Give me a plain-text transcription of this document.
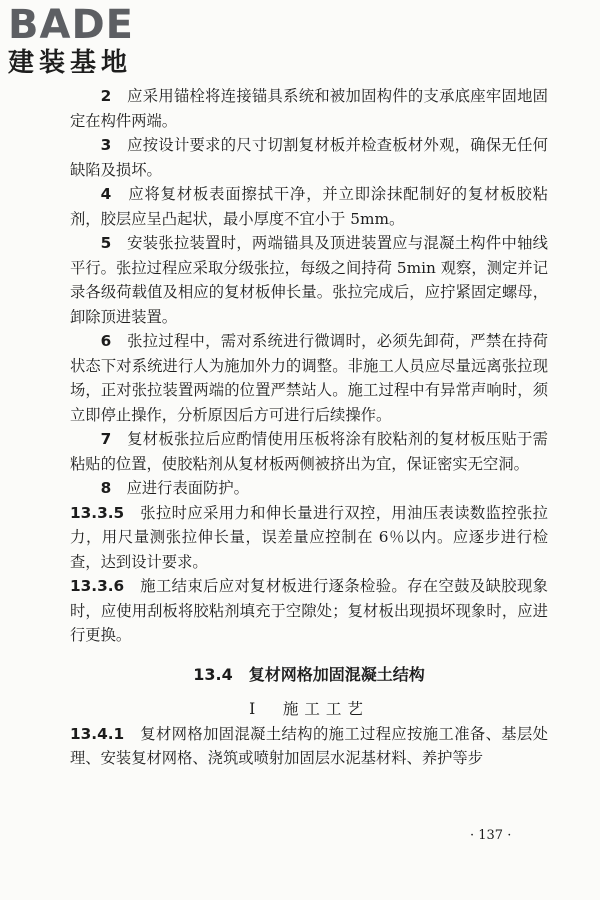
BADE
建装基地

2　 应采用锚栓将连接锚具系统和被加固构件的支承底座牢固地固定在构件两端。

3　 应按设计要求的尺寸切割复材板并检查板材外观，确保无任何缺陷及损坏。

4　 应将复材板表面擦拭干净，并立即涂抹配制好的复材板胶粘剂，胶层应呈凸起状，最小厚度不宜小于 5mm。

5　 安装张拉装置时，两端锚具及顶进装置应与混凝土构件中轴线平行。张拉过程应采取分级张拉，每级之间持荷 5min 观察，测定并记录各级荷载值及相应的复材板伸长量。张拉完成后，应拧紧固定螺母，卸除顶进装置。

6　 张拉过程中，需对系统进行微调时，必须先卸荷，严禁在持荷状态下对系统进行人为施加外力的调整。非施工人员应尽量远离张拉现场，正对张拉装置两端的位置严禁站人。施工过程中有异常声响时，须立即停止操作，分析原因后方可进行后续操作。

7　 复材板张拉后应酌情使用压板将涂有胶粘剂的复材板压贴于需粘贴的位置，使胶粘剂从复材板两侧被挤出为宜，保证密实无空洞。

8　 应进行表面防护。

13.3.5　 张拉时应采用力和伸长量进行双控，用油压表读数监控张拉力，用尺量测张拉伸长量，误差量应控制在 6％以内。应逐步进行检查，达到设计要求。

13.3.6　 施工结束后应对复材板进行逐条检验。存在空鼓及缺胶现象时，应使用刮板将胶粘剂填充于空隙处；复材板出现损坏现象时，应进行更换。

13.4　 复材网格加固混凝土结构
Ⅰ　 施工工艺

13.4.1　 复材网格加固混凝土结构的施工过程应按施工准备、基层处理、安装复材网格、浇筑或喷射加固层水泥基材料、养护等步

· 137 ·
